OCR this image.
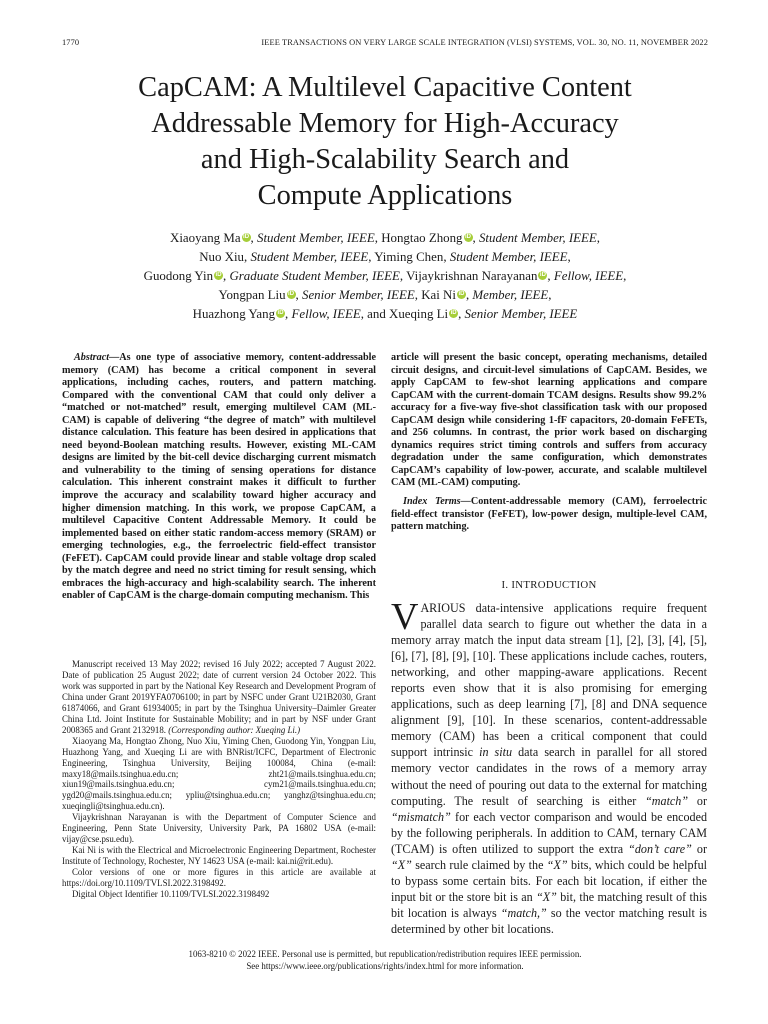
1770	IEEE TRANSACTIONS ON VERY LARGE SCALE INTEGRATION (VLSI) SYSTEMS, VOL. 30, NO. 11, NOVEMBER 2022
CapCAM: A Multilevel Capacitive Content
Addressable Memory for High-Accuracy
and High-Scalability Search and
Compute Applications
Xiaoyang Ma iD , Student Member, IEEE, Hongtao Zhong iD , Student Member, IEEE,
Nuo Xiu, Student Member, IEEE, Yiming Chen, Student Member, IEEE,
Guodong Yin iD , Graduate Student Member, IEEE, Vijaykrishnan Narayanan iD , Fellow, IEEE,
Yongpan Liu iD , Senior Member, IEEE, Kai Ni iD , Member, IEEE,
Huazhong Yang iD , Fellow, IEEE, and Xueqing Li iD , Senior Member, IEEE

Abstract—As one type of associative memory, content-addressable memory (CAM) has become a critical component in several applications, including caches, routers, and pattern matching. Compared with the conventional CAM that could only deliver a “matched or not-matched” result, emerging multilevel CAM (ML-CAM) is capable of delivering “the degree of match” with multilevel distance calculation. This feature has been desired in applications that need beyond-Boolean matching results. However, existing ML-CAM designs are limited by the bit-cell device discharging current mismatch and vulnerability to the timing of sensing operations for distance calculation. This inherent constraint makes it difficult to further improve the accuracy and scalability toward higher accuracy and higher dimension matching. In this work, we propose CapCAM, a multilevel Capacitive Content Addressable Memory. It could be implemented based on either static random-access memory (SRAM) or emerging technologies, e.g., the ferroelectric field-effect transistor (FeFET). CapCAM could provide linear and stable voltage drop scaled by the match degree and need no strict timing for result sensing, which embraces the high-accuracy and high-scalability search. The inherent enabler of CapCAM is the charge-domain computing mechanism. This

article will present the basic concept, operating mechanisms, detailed circuit designs, and circuit-level simulations of CapCAM. Besides, we apply CapCAM to few-shot learning applications and compare CapCAM with the current-domain TCAM designs. Results show 99.2% accuracy for a five-way five-shot classification task with our proposed CapCAM design while considering 1-fF capacitors, 20-domain FeFETs, and 256 columns. In contrast, the prior work based on discharging dynamics requires strict timing controls and suffers from accuracy degradation under the same configuration, which demonstrates CapCAM’s capability of low-power, accurate, and scalable multilevel CAM (ML-CAM) computing.
Index Terms—Content-addressable memory (CAM), ferroelectric field-effect transistor (FeFET), low-power design, multiple-level CAM, pattern matching.
I. INTRODUCTION
VARIOUS data-intensive applications require frequent parallel data search to figure out whether the data in a memory array match the input data stream [1], [2], [3], [4], [5], [6], [7], [8], [9], [10]. These applications include caches, routers, networking, and other mapping-aware applications. Recent reports even show that it is also promising for emerging applications, such as deep learning [7], [8] and DNA sequence alignment [9], [10]. In these scenarios, content-addressable memory (CAM) has been a critical component that could support intrinsic in situ data search in parallel for all stored memory vector candidates in the rows of a memory array without the need of pouring out data to the external for matching computing. The result of searching is either “match” or “mismatch” for each vector comparison and would be encoded by the following peripherals. In addition to CAM, ternary CAM (TCAM) is often utilized to support the extra “don’t care” or “X” search rule claimed by the “X” bits, which could be helpful to bypass some certain bits. For each bit location, if either the input bit or the store bit is an “X” bit, the matching result of this bit location is always “match,” so the vector matching result is determined by other bit locations.

Manuscript received 13 May 2022; revised 16 July 2022; accepted 7 August 2022. Date of publication 25 August 2022; date of current version 24 October 2022. This work was supported in part by the National Key Research and Development Program of China under Grant 2019YFA0706100; in part by NSFC under Grant U21B2030, Grant 61874066, and Grant 61934005; in part by the Tsinghua University–Daimler Greater China Ltd. Joint Institute for Sustainable Mobility; and in part by NSF under Grant 2008365 and Grant 2132918. (Corresponding author: Xueqing Li.)

Xiaoyang Ma, Hongtao Zhong, Nuo Xiu, Yiming Chen, Guodong Yin, Yongpan Liu, Huazhong Yang, and Xueqing Li are with BNRist/ICFC, Department of Electronic Engineering, Tsinghua University, Beijing 100084, China (e-mail: maxy18@mails.tsinghua.edu.cn; zht21@mails.tsinghua.edu.cn; xiun19@mails.tsinghua.edu.cn; cym21@mails.tsinghua.edu.cn; ygd20@mails.tsinghua.edu.cn; ypliu@tsinghua.edu.cn; yanghz@tsinghua.edu.cn; xueqingli@tsinghua.edu.cn).

Vijaykrishnan Narayanan is with the Department of Computer Science and Engineering, Penn State University, University Park, PA 16802 USA (e-mail: vijay@cse.psu.edu).

Kai Ni is with the Electrical and Microelectronic Engineering Department, Rochester Institute of Technology, Rochester, NY 14623 USA (e-mail: kai.ni@rit.edu).

Color versions of one or more figures in this article are available at https://doi.org/10.1109/TVLSI.2022.3198492.

Digital Object Identifier 10.1109/TVLSI.2022.3198492

1063-8210 © 2022 IEEE. Personal use is permitted, but republication/redistribution requires IEEE permission.
See https://www.ieee.org/publications/rights/index.html for more information.
